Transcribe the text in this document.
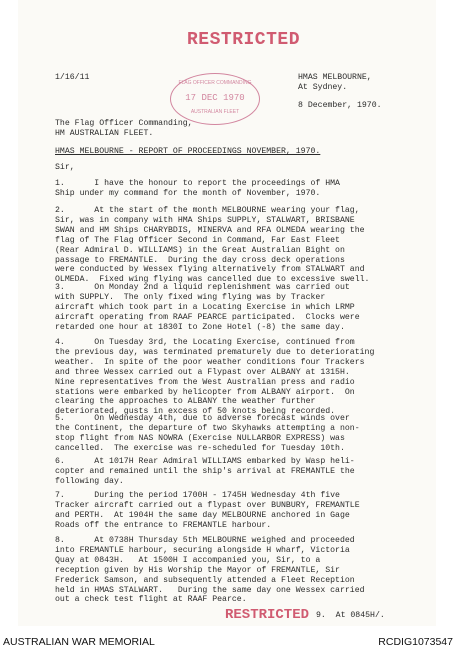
RESTRICTED
1/16/11	HMAS MELBOURNE,
At Sydney.
8 December, 1970.
FLAG OFFICER COMMANDING
17 DEC 1970
AUSTRALIAN FLEET
The Flag Officer Commanding,
HM AUSTRALIAN FLEET.
HMAS MELBOURNE - REPORT OF PROCEEDINGS NOVEMBER, 1970.
Sir,
1.      I have the honour to report the proceedings of HMA
Ship under my command for the month of November, 1970.
2.      At the start of the month MELBOURNE wearing your flag,
Sir, was in company with HMA Ships SUPPLY, STALWART, BRISBANE
SWAN and HM Ships CHARYBDIS, MINERVA and RFA OLMEDA wearing the
flag of The Flag Officer Second in Command, Far East Fleet
(Rear Admiral D. WILLIAMS) in the Great Australian Bight on
passage to FREMANTLE.  During the day cross deck operations
were conducted by Wessex flying alternatively from STALWART and
OLMEDA.  Fixed wing flying was cancelled due to excessive swell.
3.      On Monday 2nd a liquid replenishment was carried out
with SUPPLY.  The only fixed wing flying was by Tracker
aircraft which took part in a Locating Exercise in which LRMP
aircraft operating from RAAF PEARCE participated.  Clocks were
retarded one hour at 1830I to Zone Hotel (-8) the same day.
4.      On Tuesday 3rd, the Locating Exercise, continued from
the previous day, was terminated prematurely due to deteriorating
weather.  In spite of the poor weather conditions four Trackers
and three Wessex carried out a Flypast over ALBANY at 1315H.
Nine representatives from the West Australian press and radio
stations were embarked by helicopter from ALBANY airport.  On
clearing the approaches to ALBANY the weather further
deteriorated, gusts in excess of 50 knots being recorded.
5.      On Wednesday 4th, due to adverse forecast winds over
the Continent, the departure of two Skyhawks attempting a non-
stop flight from NAS NOWRA (Exercise NULLARBOR EXPRESS) was
cancelled.  The exercise was re-scheduled for Tuesday 10th.
6.      At 1017H Rear Admiral WILLIAMS embarked by Wasp heli-
copter and remained until the ship's arrival at FREMANTLE the
following day.
7.      During the period 1700H - 1745H Wednesday 4th five
Tracker aircraft carried out a flypast over BUNBURY, FREMANTLE
and PERTH.  At 1904H the same day MELBOURNE anchored in Gage
Roads off the entrance to FREMANTLE harbour.
8.      At 0738H Thursday 5th MELBOURNE weighed and proceeded
into FREMANTLE harbour, securing alongside H wharf, Victoria
Quay at 0843H.   At 1500H I accompanied you, Sir, to a
reception given by His Worship the Mayor of FREMANTLE, Sir
Frederick Samson, and subsequently attended a Fleet Reception
held in HMAS STALWART.   During the same day one Wessex carried
out a check test flight at RAAF Pearce.
RESTRICTED 9.  At 0845H/.
AUSTRALIAN WAR MEMORIAL	RCDIG1073547
